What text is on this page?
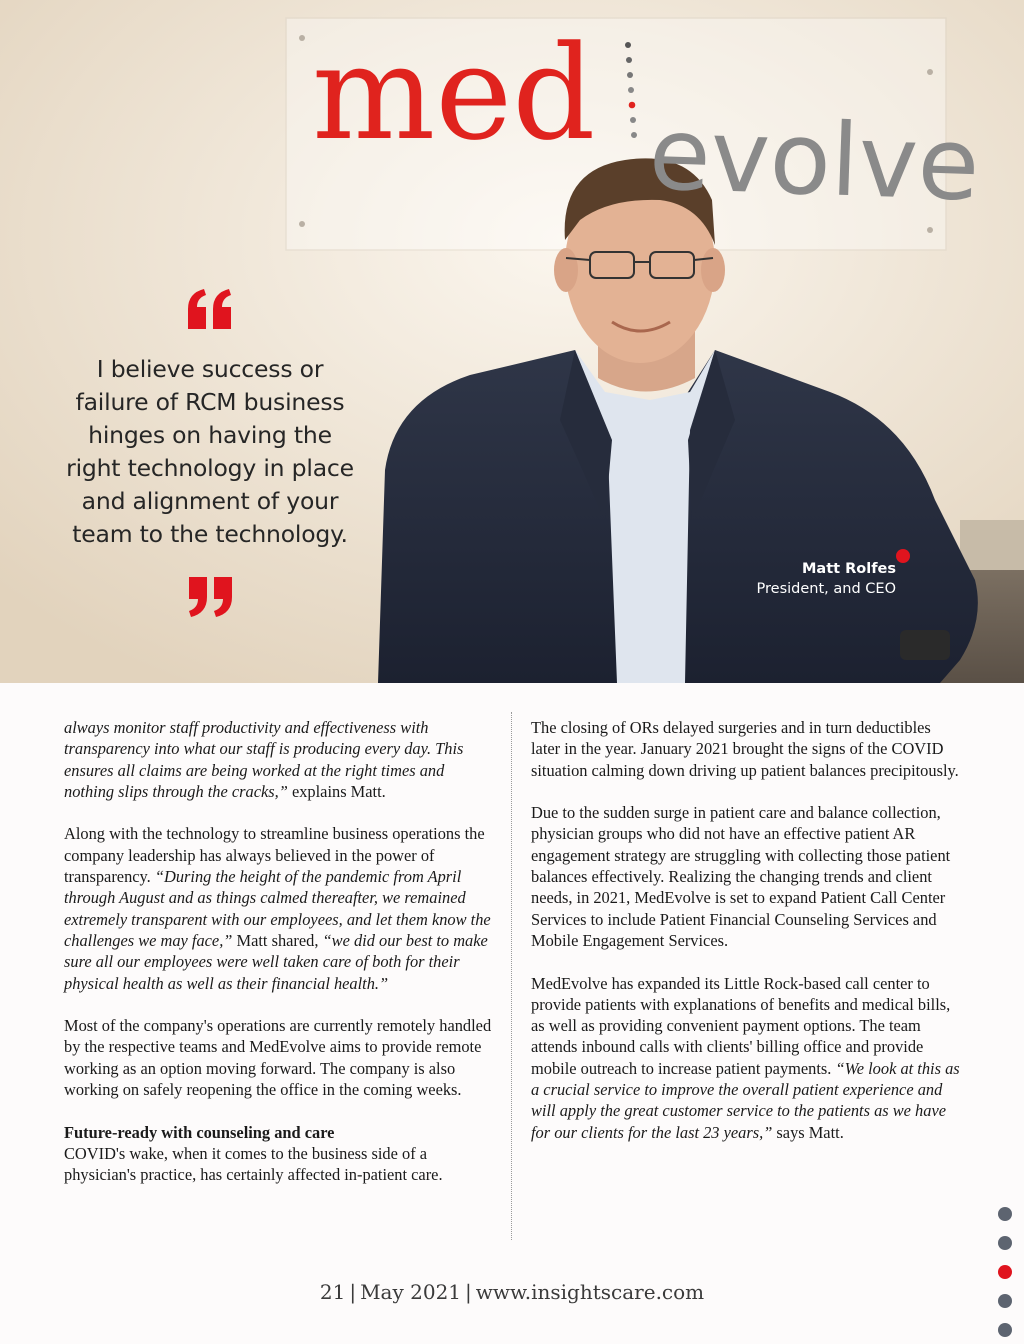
med evolve
I believe success or failure of RCM business hinges on having the right technology in place and alignment of your team to the technology.
Matt Rolfes
President, and CEO

always monitor staff productivity and effectiveness with transparency into what our staff is producing every day. This ensures all claims are being worked at the right times and nothing slips through the cracks,” explains Matt.

Along with the technology to streamline business operations the company leadership has always believed in the power of transparency. “During the height of the pandemic from April through August and as things calmed thereafter, we remained extremely transparent with our employees, and let them know the challenges we may face,” Matt shared, “we did our best to make sure all our employees were well taken care of both for their physical health as well as their financial health.”

Most of the company's operations are currently remotely handled by the respective teams and MedEvolve aims to provide remote working as an option moving forward. The company is also working on safely reopening the office in the coming weeks.

Future-ready with counseling and care
COVID's wake, when it comes to the business side of a physician's practice, has certainly affected in-patient care.

The closing of ORs delayed surgeries and in turn deductibles later in the year. January 2021 brought the signs of the COVID situation calming down driving up patient balances precipitously.

Due to the sudden surge in patient care and balance collection, physician groups who did not have an effective patient AR engagement strategy are struggling with collecting those patient balances effectively. Realizing the changing trends and client needs, in 2021, MedEvolve is set to expand Patient Call Center Services to include Patient Financial Counseling Services and Mobile Engagement Services.

MedEvolve has expanded its Little Rock-based call center to provide patients with explanations of benefits and medical bills, as well as providing convenient payment options. The team attends inbound calls with clients' billing office and provide mobile outreach to increase patient payments. “We look at this as a crucial service to improve the overall patient experience and will apply the great customer service to the patients as we have for our clients for the last 23 years,” says Matt.

21 | May 2021 | www.insightscare.com
